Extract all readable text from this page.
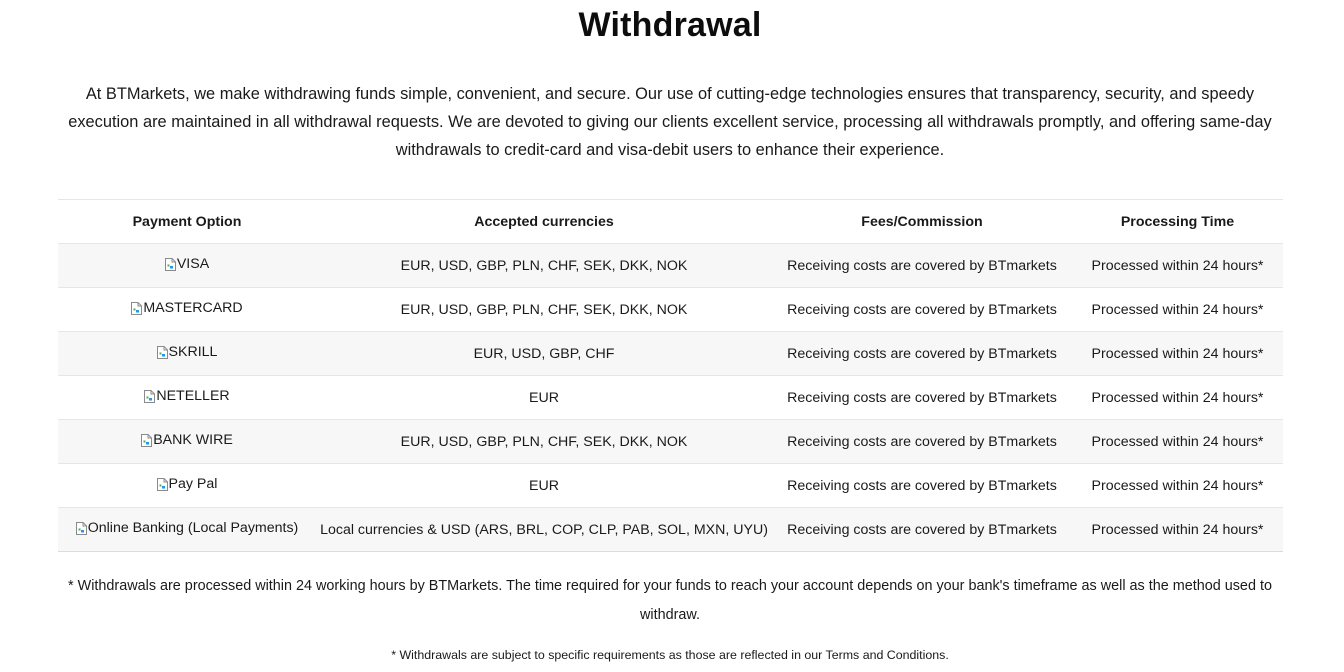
Withdrawal

At BTMarkets, we make withdrawing funds simple, convenient, and secure. Our use of cutting-edge technologies ensures that transparency, security, and speedy execution are maintained in all withdrawal requests. We are devoted to giving our clients excellent service, processing all withdrawals promptly, and offering same-day withdrawals to credit-card and visa-debit users to enhance their experience.

Payment Option	Accepted currencies	Fees/Commission	Processing Time

VISA	EUR, USD, GBP, PLN, CHF, SEK, DKK, NOK	Receiving costs are covered by BTmarkets	Processed within 24 hours*

MASTERCARD	EUR, USD, GBP, PLN, CHF, SEK, DKK, NOK	Receiving costs are covered by BTmarkets	Processed within 24 hours*

SKRILL	EUR, USD, GBP, CHF	Receiving costs are covered by BTmarkets	Processed within 24 hours*

NETELLER	EUR	Receiving costs are covered by BTmarkets	Processed within 24 hours*

BANK WIRE	EUR, USD, GBP, PLN, CHF, SEK, DKK, NOK	Receiving costs are covered by BTmarkets	Processed within 24 hours*

Pay Pal	EUR	Receiving costs are covered by BTmarkets	Processed within 24 hours*

Online Banking (Local Payments)	Local currencies & USD (ARS, BRL, COP, CLP, PAB, SOL, MXN, UYU)	Receiving costs are covered by BTmarkets	Processed within 24 hours*

* Withdrawals are processed within 24 working hours by BTMarkets. The time required for your funds to reach your account depends on your bank's timeframe as well as the method used to withdraw.

* Withdrawals are subject to specific requirements as those are reflected in our Terms and Conditions.
